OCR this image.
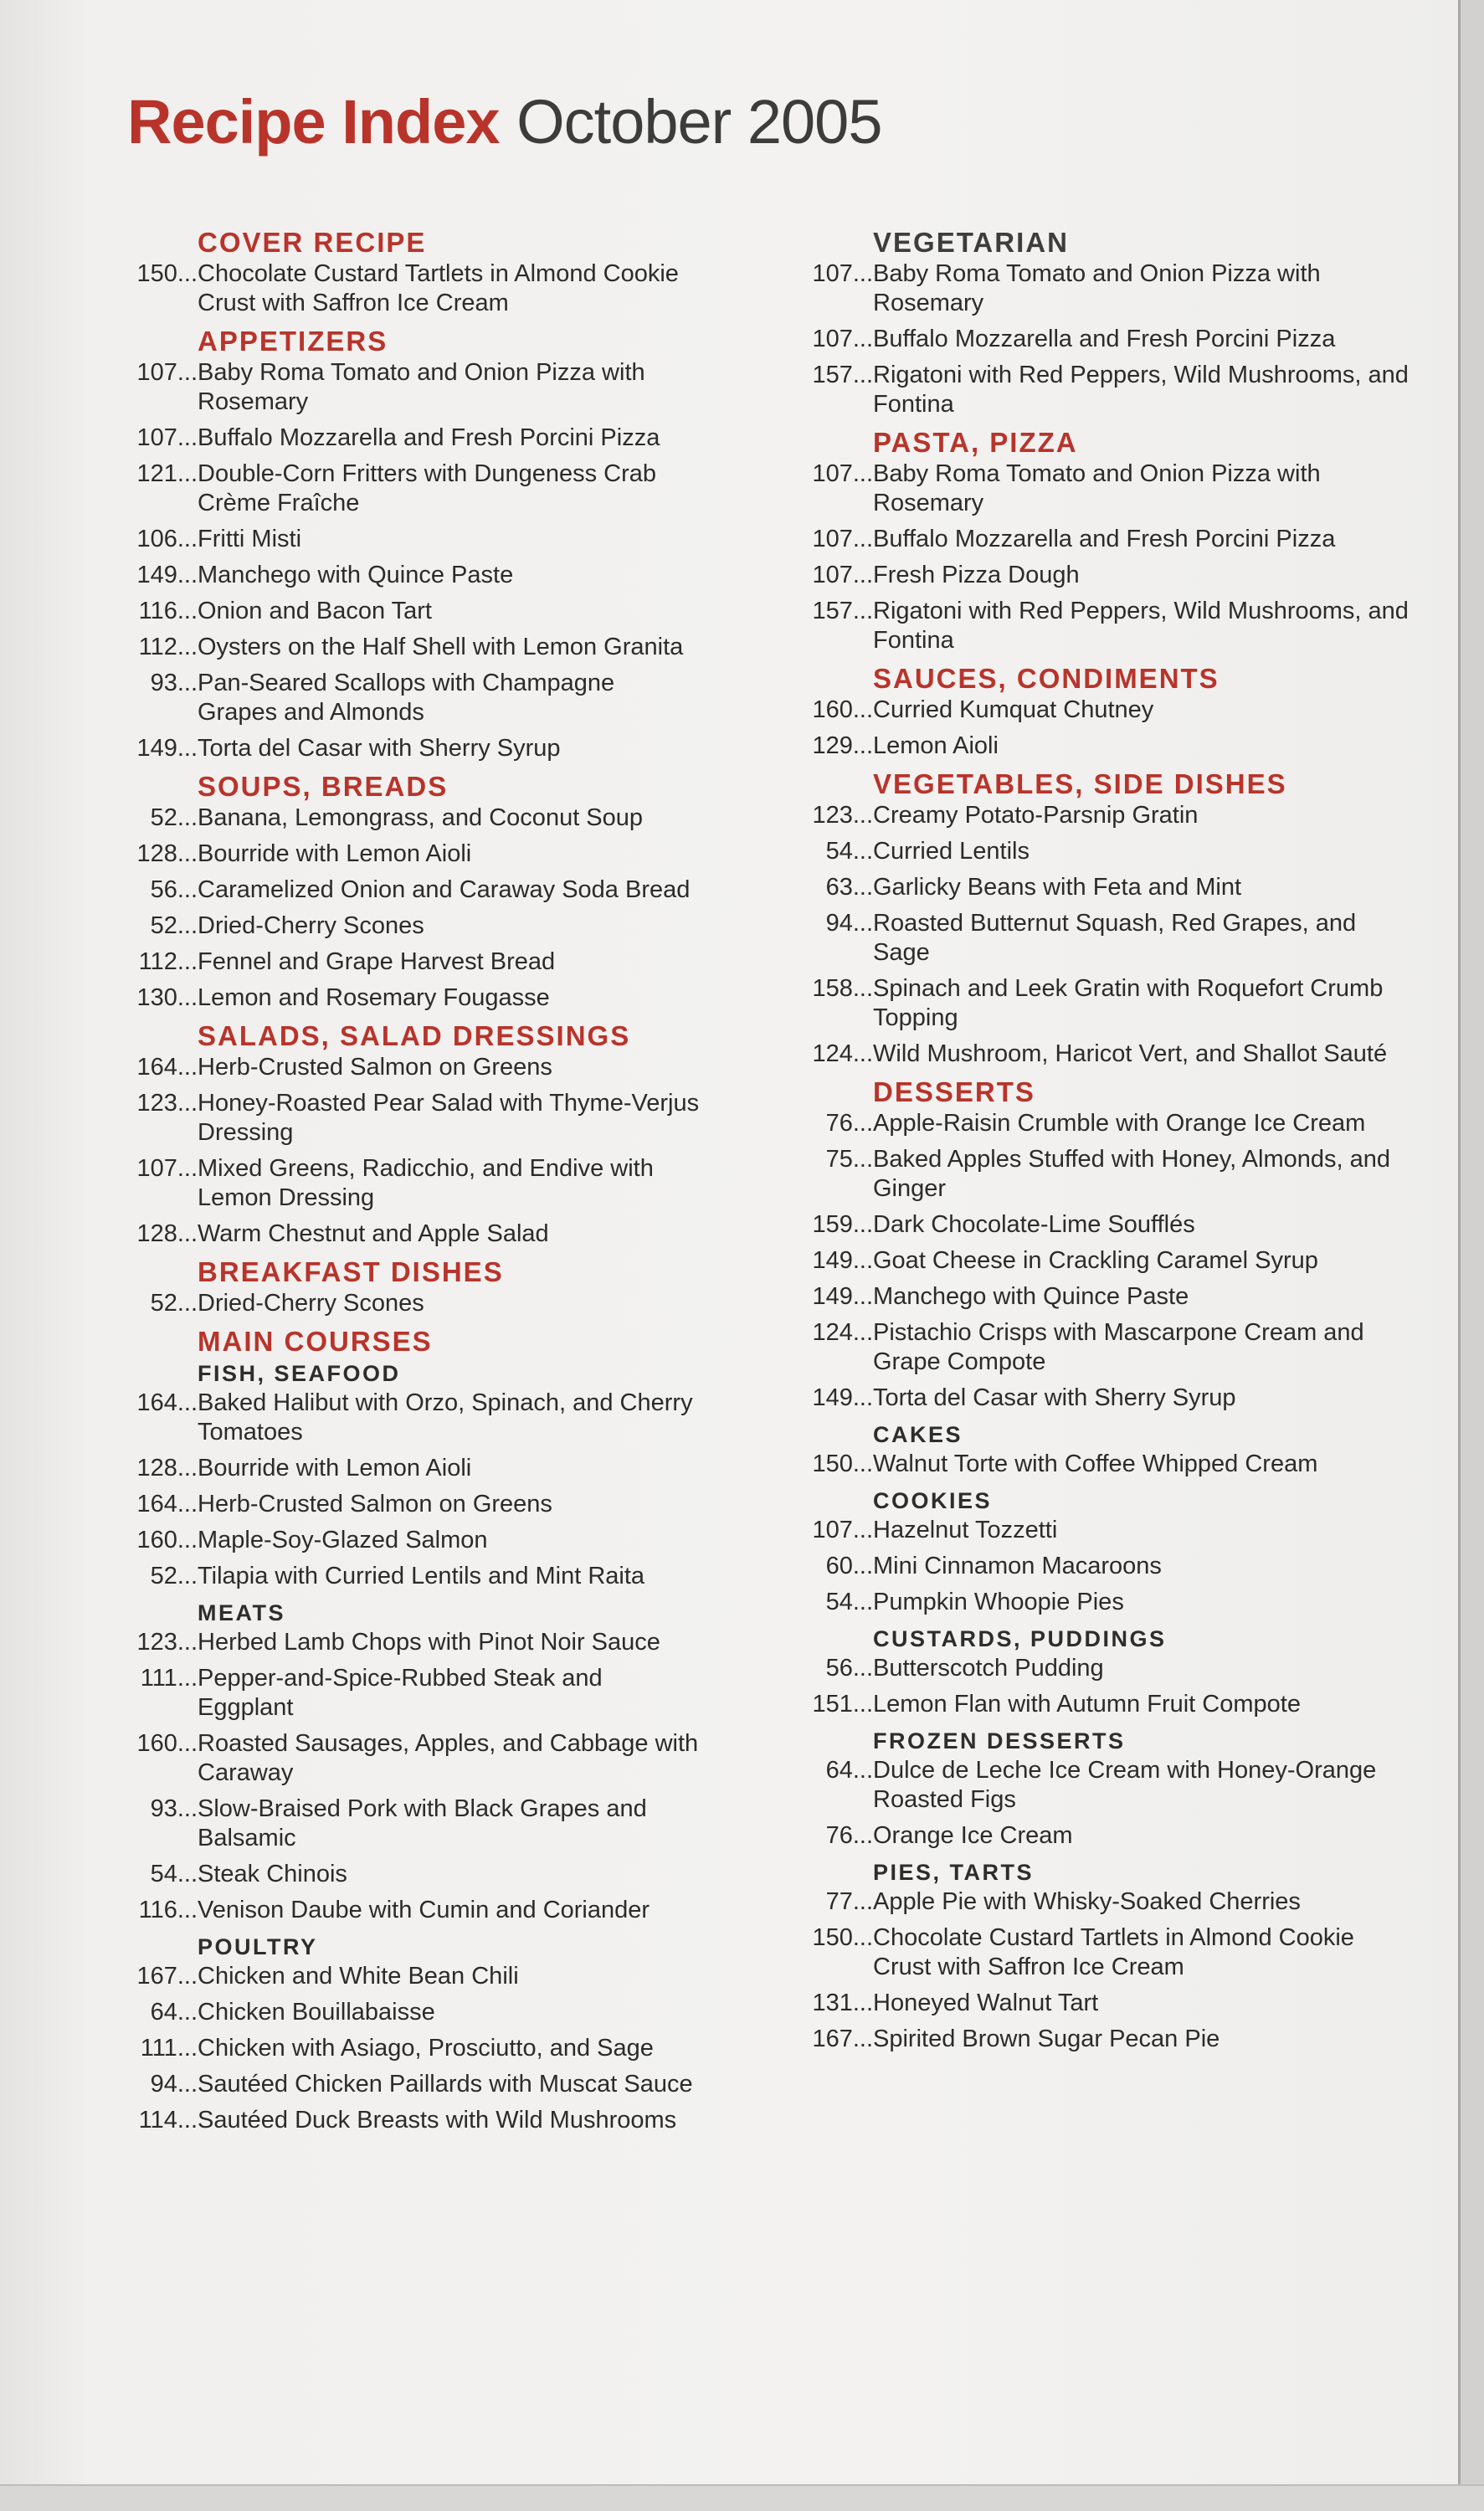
Recipe Index October 2005
COVER RECIPE
150... Chocolate Custard Tartlets in Almond Cookie Crust with Saffron Ice Cream
APPETIZERS
107... Baby Roma Tomato and Onion Pizza with Rosemary
107... Buffalo Mozzarella and Fresh Porcini Pizza
121... Double-Corn Fritters with Dungeness Crab Crème Fraîche
106... Fritti Misti
149... Manchego with Quince Paste
116... Onion and Bacon Tart
112... Oysters on the Half Shell with Lemon Granita
93... Pan-Seared Scallops with Champagne Grapes and Almonds
149... Torta del Casar with Sherry Syrup
SOUPS, BREADS
52... Banana, Lemongrass, and Coconut Soup
128... Bourride with Lemon Aioli
56... Caramelized Onion and Caraway Soda Bread
52... Dried-Cherry Scones
112... Fennel and Grape Harvest Bread
130... Lemon and Rosemary Fougasse
SALADS, SALAD DRESSINGS
164... Herb-Crusted Salmon on Greens
123... Honey-Roasted Pear Salad with Thyme-Verjus Dressing
107... Mixed Greens, Radicchio, and Endive with Lemon Dressing
128... Warm Chestnut and Apple Salad
BREAKFAST DISHES
52... Dried-Cherry Scones
MAIN COURSES
FISH, SEAFOOD
164... Baked Halibut with Orzo, Spinach, and Cherry Tomatoes
128... Bourride with Lemon Aioli
164... Herb-Crusted Salmon on Greens
160... Maple-Soy-Glazed Salmon
52... Tilapia with Curried Lentils and Mint Raita
MEATS
123... Herbed Lamb Chops with Pinot Noir Sauce
111... Pepper-and-Spice-Rubbed Steak and Eggplant
160... Roasted Sausages, Apples, and Cabbage with Caraway
93... Slow-Braised Pork with Black Grapes and Balsamic
54... Steak Chinois
116... Venison Daube with Cumin and Coriander
POULTRY
167... Chicken and White Bean Chili
64... Chicken Bouillabaisse
111... Chicken with Asiago, Prosciutto, and Sage
94... Sautéed Chicken Paillards with Muscat Sauce
114... Sautéed Duck Breasts with Wild Mushrooms
VEGETARIAN
107... Baby Roma Tomato and Onion Pizza with Rosemary
107... Buffalo Mozzarella and Fresh Porcini Pizza
157... Rigatoni with Red Peppers, Wild Mushrooms, and Fontina
PASTA, PIZZA
107... Baby Roma Tomato and Onion Pizza with Rosemary
107... Buffalo Mozzarella and Fresh Porcini Pizza
107... Fresh Pizza Dough
157... Rigatoni with Red Peppers, Wild Mushrooms, and Fontina
SAUCES, CONDIMENTS
160... Curried Kumquat Chutney
129... Lemon Aioli
VEGETABLES, SIDE DISHES
123... Creamy Potato-Parsnip Gratin
54... Curried Lentils
63... Garlicky Beans with Feta and Mint
94... Roasted Butternut Squash, Red Grapes, and Sage
158... Spinach and Leek Gratin with Roquefort Crumb Topping
124... Wild Mushroom, Haricot Vert, and Shallot Sauté
DESSERTS
76... Apple-Raisin Crumble with Orange Ice Cream
75... Baked Apples Stuffed with Honey, Almonds, and Ginger
159... Dark Chocolate-Lime Soufflés
149... Goat Cheese in Crackling Caramel Syrup
149... Manchego with Quince Paste
124... Pistachio Crisps with Mascarpone Cream and Grape Compote
149... Torta del Casar with Sherry Syrup
CAKES
150... Walnut Torte with Coffee Whipped Cream
COOKIES
107... Hazelnut Tozzetti
60... Mini Cinnamon Macaroons
54... Pumpkin Whoopie Pies
CUSTARDS, PUDDINGS
56... Butterscotch Pudding
151... Lemon Flan with Autumn Fruit Compote
FROZEN DESSERTS
64... Dulce de Leche Ice Cream with Honey-Orange Roasted Figs
76... Orange Ice Cream
PIES, TARTS
77... Apple Pie with Whisky-Soaked Cherries
150... Chocolate Custard Tartlets in Almond Cookie Crust with Saffron Ice Cream
131... Honeyed Walnut Tart
167... Spirited Brown Sugar Pecan Pie
